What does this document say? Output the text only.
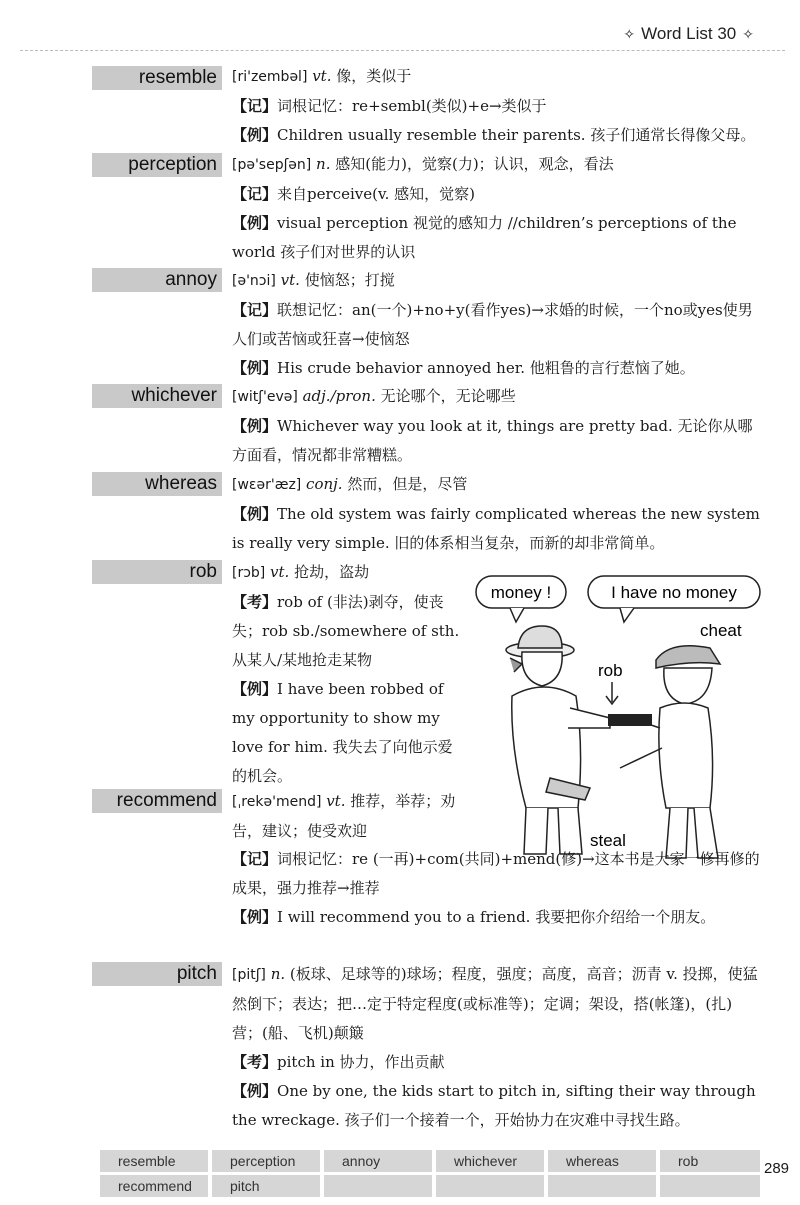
✧ Word List 30 ✧
resemble	[ri'zembəl] vt. 像，类似于

【记】词根记忆：re+sembl(类似)+e→类似于

【例】Children usually resemble their parents. 孩子们通常长得像父母。

perception	[pə'sepʃən] n. 感知(能力)，觉察(力)；认识，观念，看法

【记】来自perceive(v. 感知，觉察)

【例】visual perception 视觉的感知力 //children’s perceptions of the world 孩子们对世界的认识

annoy	[ə'nɔi] vt. 使恼怒；打搅

【记】联想记忆：an(一个)+no+y(看作yes)→求婚的时候，一个no或yes使男人们或苦恼或狂喜→使恼怒

【例】His crude behavior annoyed her. 他粗鲁的言行惹恼了她。

whichever	[witʃ'evə] adj./pron. 无论哪个，无论哪些

【例】Whichever way you look at it, things are pretty bad. 无论你从哪方面看，情况都非常糟糕。

whereas	[wɛər'æz] conj. 然而，但是，尽管

【例】The old system was fairly complicated whereas the new system is really very simple. 旧的体系相当复杂，而新的却非常简单。

rob	[rɔb] vt. 抢劫，盗劫

【考】rob of (非法)剥夺，使丧失；rob sb./somewhere of sth. 从某人/某地抢走某物

【例】I have been robbed of my opportunity to show my love for him. 我失去了向他示爱的机会。

money !	I have no money
cheat
rob
steal
recommend	[ˌrekə'mend] vt. 推荐，举荐；劝告，建议；使受欢迎

【记】词根记忆：re (一再)+com(共同)+mend(修)→这本书是大家一修再修的成果，强力推荐→推荐

【例】I will recommend you to a friend. 我要把你介绍给一个朋友。

pitch	[pitʃ] n. (板球、足球等的)球场；程度，强度；高度，高音；沥青 v. 投掷，使猛然倒下；表达；把…定于特定程度(或标准等)；定调；架设，搭(帐篷)，(扎)营；(船、飞机)颠簸

【考】pitch in 协力，作出贡献

【例】One by one, the kids start to pitch in, sifting their way through the wreckage. 孩子们一个接着一个，开始协力在灾难中寻找生路。

resemble	perception	annoy	whichever	whereas	rob
recommend	pitch
289
